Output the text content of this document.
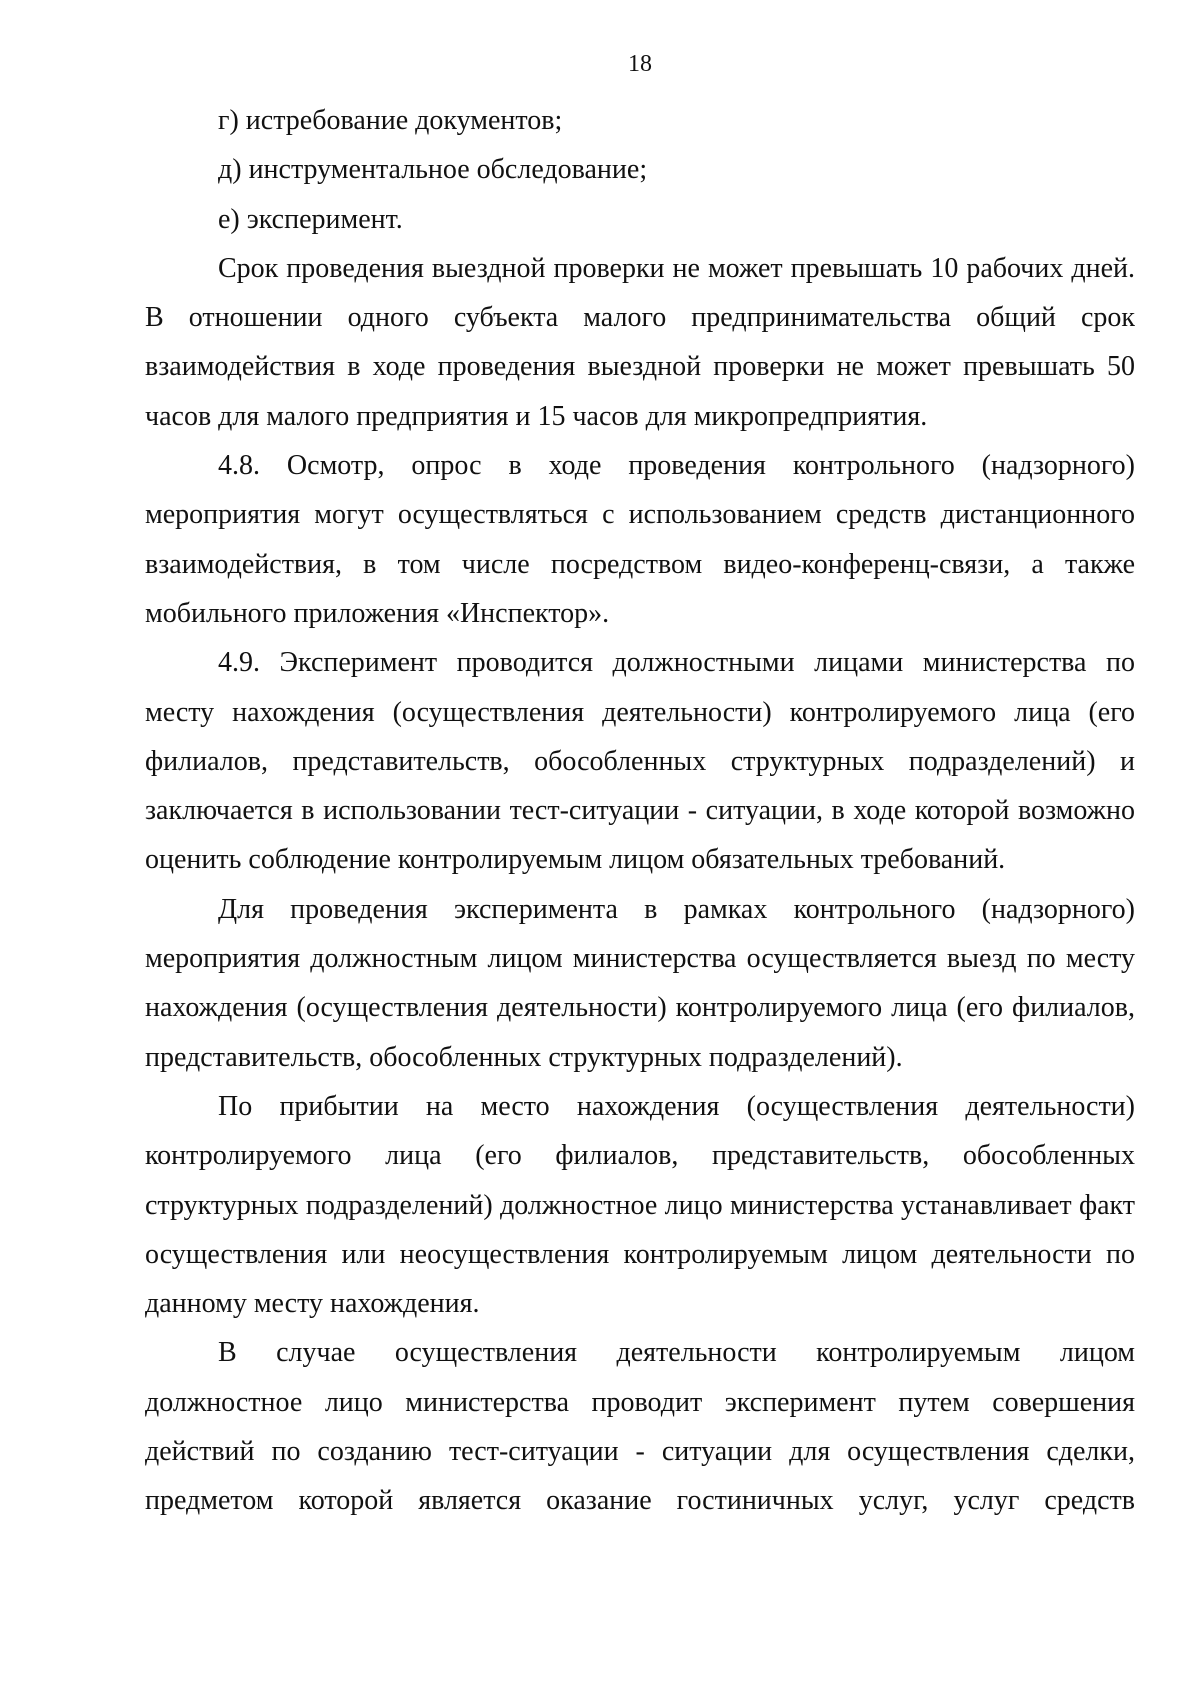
18

г) истребование документов;

д) инструментальное обследование;

е) эксперимент.

Срок проведения выездной проверки не может превышать 10 рабочих дней. В отношении одного субъекта малого предпринимательства общий срок взаимодействия в ходе проведения выездной проверки не может превышать 50 часов для малого предприятия и 15 часов для микропредприятия.

4.8. Осмотр, опрос в ходе проведения контрольного (надзорного) мероприятия могут осуществляться с использованием средств дистанционного взаимодействия, в том числе посредством видео-конференц-связи, а также мобильного приложения «Инспектор».

4.9. Эксперимент проводится должностными лицами министерства по месту нахождения (осуществления деятельности) контролируемого лица (его филиалов, представительств, обособленных структурных подразделений) и заключается в использовании тест-ситуации - ситуации, в ходе которой возможно оценить соблюдение контролируемым лицом обязательных требований.

Для проведения эксперимента в рамках контрольного (надзорного) мероприятия должностным лицом министерства осуществляется выезд по месту нахождения (осуществления деятельности) контролируемого лица (его филиалов, представительств, обособленных структурных подразделений).

По прибытии на место нахождения (осуществления деятельности) контролируемого лица (его филиалов, представительств, обособленных структурных подразделений) должностное лицо министерства устанавливает факт осуществления или неосуществления контролируемым лицом деятельности по данному месту нахождения.

В случае осуществления деятельности контролируемым лицом должностное лицо министерства проводит эксперимент путем совершения действий по созданию тест-ситуации - ситуации для осуществления сделки, предметом которой является оказание гостиничных услуг, услуг средств
